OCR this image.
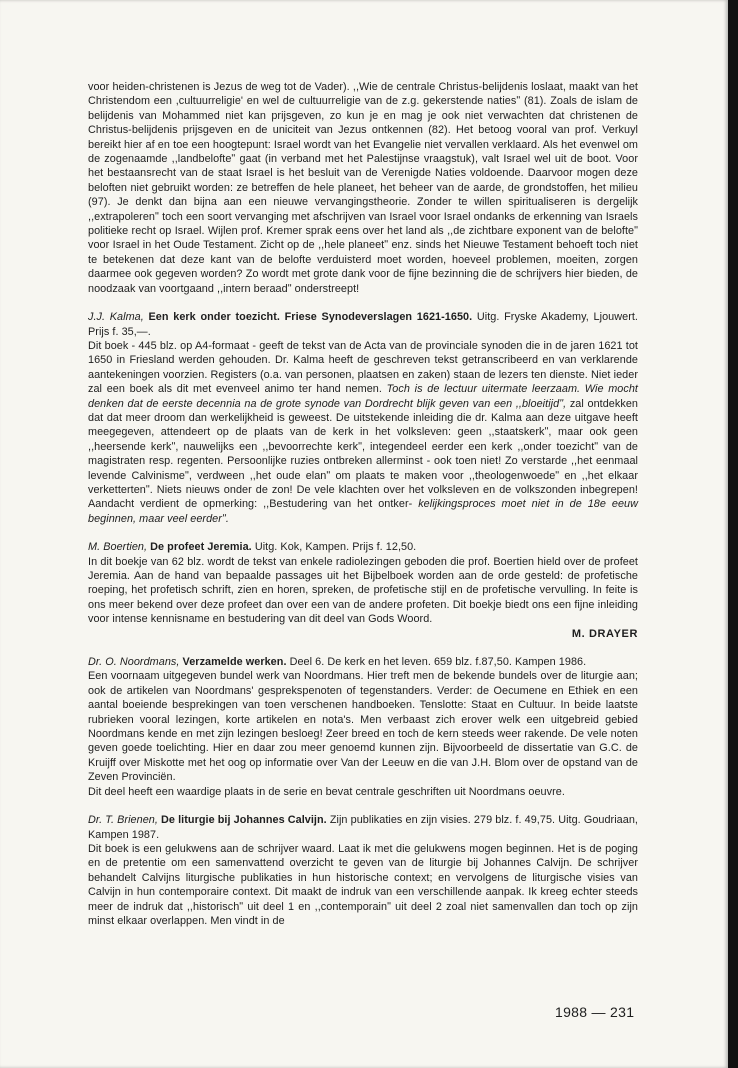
voor heiden-christenen is Jezus de weg tot de Vader). ,,Wie de centrale Christus-belijdenis loslaat, maakt van het Christendom een ,cultuurreligie' en wel de cultuurreligie van de z.g. gekerstende natiesʺ (81). Zoals de islam de belijdenis van Mohammed niet kan prijsgeven, zo kun je en mag je ook niet verwachten dat christenen de Christus-belijdenis prijsgeven en de uniciteit van Jezus ontkennen (82). Het betoog vooral van prof. Verkuyl bereikt hier af en toe een hoogtepunt: Israel wordt van het Evangelie niet vervallen verklaard. Als het evenwel om de zogenaamde ,,landbelofteʺ gaat (in verband met het Palestijnse vraagstuk), valt Israel wel uit de boot. Voor het bestaansrecht van de staat Israel is het besluit van de Verenigde Naties voldoende. Daarvoor mogen deze beloften niet gebruikt worden: ze betreffen de hele planeet, het beheer van de aarde, de grondstoffen, het milieu (97). Je denkt dan bijna aan een nieuwe vervangingstheorie. Zonder te willen spiritualiseren is dergelijk ,,extrapolerenʺ toch een soort vervanging met afschrijven van Israel voor Israel ondanks de erkenning van Israels politieke recht op Israel. Wijlen prof. Kremer sprak eens over het land als ,,de zichtbare exponent van de belofteʺ voor Israel in het Oude Testament. Zicht op de ,,hele planeetʺ enz. sinds het Nieuwe Testament behoeft toch niet te betekenen dat deze kant van de belofte verduisterd moet worden, hoeveel problemen, moeiten, zorgen daarmee ook gegeven worden? Zo wordt met grote dank voor de fijne bezinning die de schrijvers hier bieden, de noodzaak van voortgaand ,,intern beraadʺ onderstreept!

J.J. Kalma, Een kerk onder toezicht. Friese Synodeverslagen 1621-1650. Uitg. Fryske Akademy, Ljouwert. Prijs f. 35,—.

Dit boek - 445 blz. op A4-formaat - geeft de tekst van de Acta van de provinciale synoden die in de jaren 1621 tot 1650 in Friesland werden gehouden. Dr. Kalma heeft de geschreven tekst getranscribeerd en van verklarende aantekeningen voorzien. Registers (o.a. van personen, plaatsen en zaken) staan de lezers ten dienste. Niet ieder zal een boek als dit met evenveel animo ter hand nemen. Toch is de lectuur uitermate leerzaam. Wie mocht denken dat de eerste decennia na de grote synode van Dordrecht blijk geven van een ,,bloeitijdʺ, zal ontdekken dat dat meer droom dan werkelijkheid is geweest. De uitstekende inleiding die dr. Kalma aan deze uitgave heeft meegegeven, attendeert op de plaats van de kerk in het volksleven: geen ,,staatskerkʺ, maar ook geen ,,heersende kerkʺ, nauwelijks een ,,bevoorrechte kerkʺ, integendeel eerder een kerk ,,onder toezichtʺ van de magistraten resp. regenten. Persoonlijke ruzies ontbreken allerminst - ook toen niet! Zo verstarde ,,het eenmaal levende Calvinismeʺ, verdween ,,het oude elanʺ om plaats te maken voor ,,theologenwoedeʺ en ,,het elkaar verkettertenʺ. Niets nieuws onder de zon! De vele klachten over het volksleven en de volkszonden inbegrepen! Aandacht verdient de opmerking: ,,Bestudering van het ontker- kelijkingsproces moet niet in de 18e eeuw beginnen, maar veel eerderʺ.

M. Boertien, De profeet Jeremia. Uitg. Kok, Kampen. Prijs f. 12,50.

In dit boekje van 62 blz. wordt de tekst van enkele radiolezingen geboden die prof. Boertien hield over de profeet Jeremia. Aan de hand van bepaalde passages uit het Bijbelboek worden aan de orde gesteld: de profetische roeping, het profetisch schrift, zien en horen, spreken, de profetische stijl en de profetische vervulling. In feite is ons meer bekend over deze profeet dan over een van de andere profeten. Dit boekje biedt ons een fijne inleiding voor intense kennisname en bestudering van dit deel van Gods Woord.

M. DRAYER

Dr. O. Noordmans, Verzamelde werken. Deel 6. De kerk en het leven. 659 blz. f.87,50. Kampen 1986.

Een voornaam uitgegeven bundel werk van Noordmans. Hier treft men de bekende bundels over de liturgie aan; ook de artikelen van Noordmans' gesprekspenoten of tegenstanders. Verder: de Oecumene en Ethiek en een aantal boeiende besprekingen van toen verschenen handboeken. Tenslotte: Staat en Cultuur. In beide laatste rubrieken vooral lezingen, korte artikelen en nota's. Men verbaast zich erover welk een uitgebreid gebied Noordmans kende en met zijn lezingen besloeg! Zeer breed en toch de kern steeds weer rakende. De vele noten geven goede toelichting. Hier en daar zou meer genoemd kunnen zijn. Bijvoorbeeld de dissertatie van G.C. de Kruijff over Miskotte met het oog op informatie over Van der Leeuw en die van J.H. Blom over de opstand van de Zeven Provinciën.

Dit deel heeft een waardige plaats in de serie en bevat centrale geschriften uit Noordmans oeuvre.

Dr. T. Brienen, De liturgie bij Johannes Calvijn. Zijn publikaties en zijn visies. 279 blz. f. 49,75. Uitg. Goudriaan, Kampen 1987.

Dit boek is een gelukwens aan de schrijver waard. Laat ik met die gelukwens mogen beginnen. Het is de poging en de pretentie om een samenvattend overzicht te geven van de liturgie bij Johannes Calvijn. De schrijver behandelt Calvijns liturgische publikaties in hun historische context; en vervolgens de liturgische visies van Calvijn in hun contemporaire context. Dit maakt de indruk van een verschillende aanpak. Ik kreeg echter steeds meer de indruk dat ,,historischʺ uit deel 1 en ,,contemporainʺ uit deel 2 zoal niet samenvallen dan toch op zijn minst elkaar overlappen. Men vindt in de

1988 — 231
